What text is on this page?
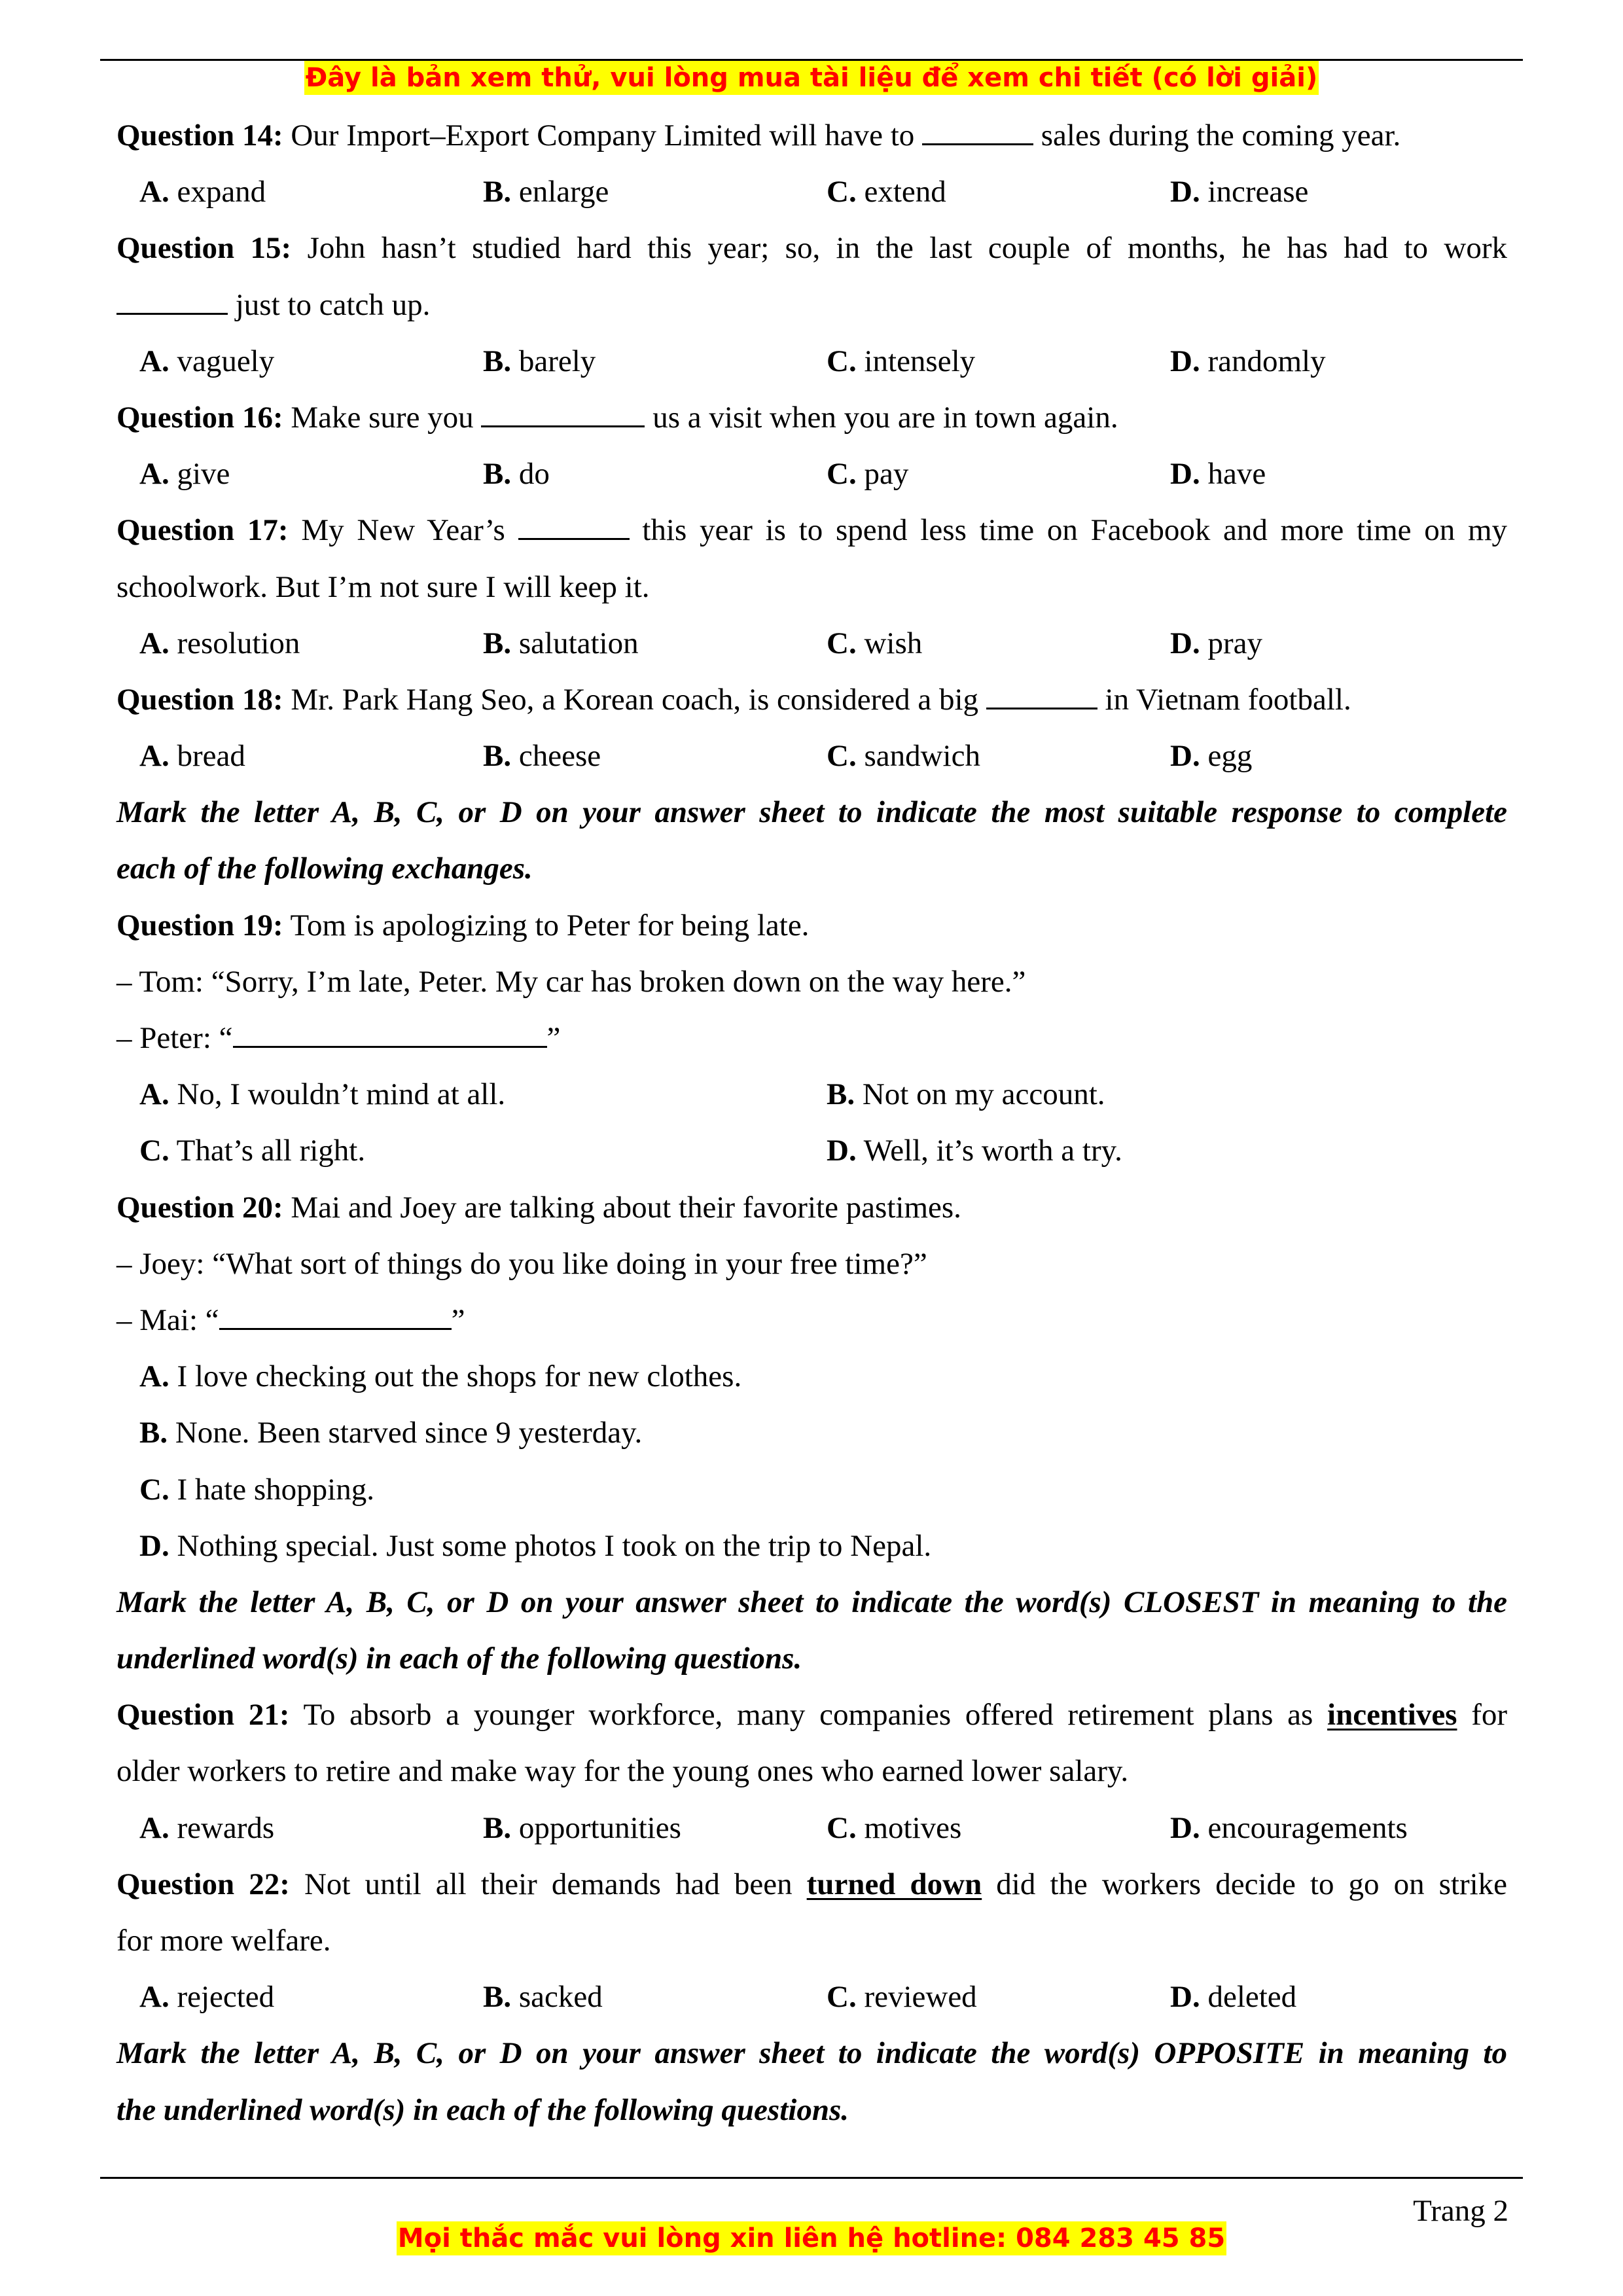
Đây là bản xem thử, vui lòng mua tài liệu để xem chi tiết (có lời giải)
Question 14: Our Import–Export Company Limited will have to	sales during the coming year.
A. expand	B. enlarge	C. extend	D. increase
Question 15: John hasn’t studied hard this year; so, in the last couple of months, he has had to work
just to catch up.
A. vaguely	B. barely	C. intensely	D. randomly
Question 16: Make sure you	us a visit when you are in town again.
A. give	B. do	C. pay	D. have
Question 17: My New Year’s	this year is to spend less time on Facebook and more time on my
schoolwork. But I’m not sure I will keep it.
A. resolution	B. salutation	C. wish	D. pray
Question 18: Mr. Park Hang Seo, a Korean coach, is considered a big	in Vietnam football.
A. bread	B. cheese	C. sandwich	D. egg
Mark the letter A, B, C, or D on your answer sheet to indicate the most suitable response to complete
each of the following exchanges.
Question 19: Tom is apologizing to Peter for being late.
– Tom: “Sorry, I’m late, Peter. My car has broken down on the way here.”
– Peter: “	”
A. No, I wouldn’t mind at all.	B. Not on my account.
C. That’s all right.	D. Well, it’s worth a try.
Question 20: Mai and Joey are talking about their favorite pastimes.
– Joey: “What sort of things do you like doing in your free time?”
– Mai: “	”
A. I love checking out the shops for new clothes.
B. None. Been starved since 9 yesterday.
C. I hate shopping.
D. Nothing special. Just some photos I took on the trip to Nepal.
Mark the letter A, B, C, or D on your answer sheet to indicate the word(s) CLOSEST in meaning to the
underlined word(s) in each of the following questions.
Question 21: To absorb a younger workforce, many companies offered retirement plans as incentives for
older workers to retire and make way for the young ones who earned lower salary.
A. rewards	B. opportunities	C. motives	D. encouragements
Question 22: Not until all their demands had been turned down did the workers decide to go on strike
for more welfare.
A. rejected	B. sacked	C. reviewed	D. deleted
Mark the letter A, B, C, or D on your answer sheet to indicate the word(s) OPPOSITE in meaning to
the underlined word(s) in each of the following questions.
Trang 2
Mọi thắc mắc vui lòng xin liên hệ hotline: 084 283 45 85
